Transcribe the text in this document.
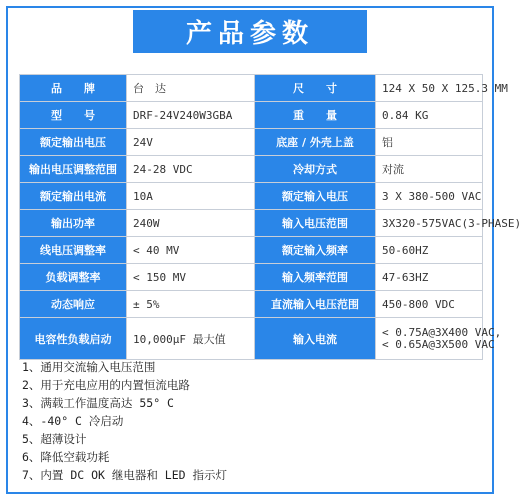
产品参数
品　　牌	台　达	尺　　寸	124 X 50 X 125.3 MM
型　　号	DRF-24V240W3GBA	重　　量	0.84 KG
额定输出电压	24V	底座 / 外壳上盖	铝
输出电压调整范围	24-28 VDC	冷却方式	对流
额定输出电流	10A	额定输入电压	3 X 380-500 VAC
输出功率	240W	输入电压范围	3X320-575VAC(3-PHASE)
线电压调整率	< 40 MV	额定输入频率	50-60HZ
负载调整率	< 150 MV	输入频率范围	47-63HZ
动态响应	± 5%	直流输入电压范围	450-800 VDC
电容性负载启动	10,000μF 最大值	输入电流	< 0.75A@3X400 VAC,
< 0.65A@3X500 VAC
1、通用交流输入电压范围
2、用于充电应用的内置恒流电路
3、满载工作温度高达 55° C
4、-40° C 冷启动
5、超薄设计
6、降低空载功耗
7、内置 DC OK 继电器和 LED 指示灯
